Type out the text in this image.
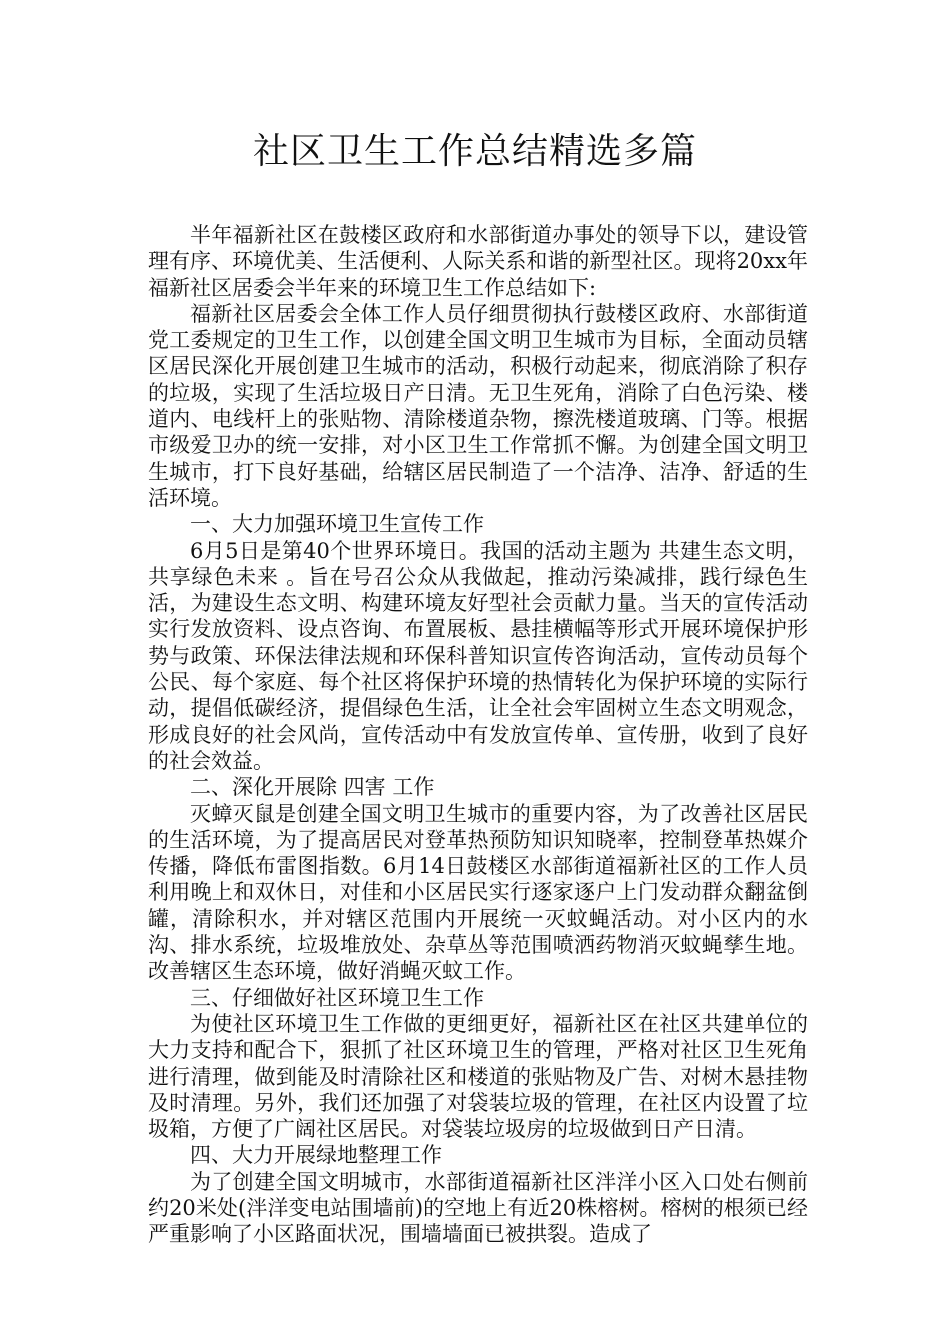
社区卫生工作总结精选多篇

半年福新社区在鼓楼区政府和水部街道办事处的领导下以，建设管理有序、环境优美、生活便利、人际关系和谐的新型社区。现将20xx年福新社区居委会半年来的环境卫生工作总结如下:

福新社区居委会全体工作人员仔细贯彻执行鼓楼区政府、水部街道党工委规定的卫生工作，以创建全国文明卫生城市为目标，全面动员辖区居民深化开展创建卫生城市的活动，积极行动起来，彻底消除了积存的垃圾，实现了生活垃圾日产日清。无卫生死角，消除了白色污染、楼道内、电线杆上的张贴物、清除楼道杂物，擦洗楼道玻璃、门等。根据市级爱卫办的统一安排，对小区卫生工作常抓不懈。为创建全国文明卫生城市，打下良好基础，给辖区居民制造了一个洁净、洁净、舒适的生活环境。

一、大力加强环境卫生宣传工作

6月5日是第40个世界环境日。我国的活动主题为 共建生态文明，共享绿色未来 。旨在号召公众从我做起，推动污染减排，践行绿色生活，为建设生态文明、构建环境友好型社会贡献力量。当天的宣传活动实行发放资料、设点咨询、布置展板、悬挂横幅等形式开展环境保护形势与政策、环保法律法规和环保科普知识宣传咨询活动，宣传动员每个公民、每个家庭、每个社区将保护环境的热情转化为保护环境的实际行动，提倡低碳经济，提倡绿色生活，让全社会牢固树立生态文明观念，形成良好的社会风尚，宣传活动中有发放宣传单、宣传册，收到了良好的社会效益。

二、深化开展除 四害 工作

灭蟑灭鼠是创建全国文明卫生城市的重要内容，为了改善社区居民的生活环境，为了提高居民对登革热预防知识知晓率，控制登革热媒介传播，降低布雷图指数。6月14日鼓楼区水部街道福新社区的工作人员利用晚上和双休日，对佳和小区居民实行逐家逐户上门发动群众翻盆倒罐，清除积水，并对辖区范围内开展统一灭蚊蝇活动。对小区内的水沟、排水系统，垃圾堆放处、杂草丛等范围喷洒药物消灭蚊蝇孳生地。改善辖区生态环境，做好消蝇灭蚊工作。

三、仔细做好社区环境卫生工作

为使社区环境卫生工作做的更细更好，福新社区在社区共建单位的大力支持和配合下，狠抓了社区环境卫生的管理，严格对社区卫生死角进行清理，做到能及时清除社区和楼道的张贴物及广告、对树木悬挂物及时清理。另外，我们还加强了对袋装垃圾的管理，在社区内设置了垃圾箱，方便了广阔社区居民。对袋装垃圾房的垃圾做到日产日清。

四、大力开展绿地整理工作

为了创建全国文明城市，水部街道福新社区泮洋小区入口处右侧前约20米处(泮洋变电站围墙前)的空地上有近20株榕树。榕树的根须已经严重影响了小区路面状况，围墙墙面已被拱裂。造成了
